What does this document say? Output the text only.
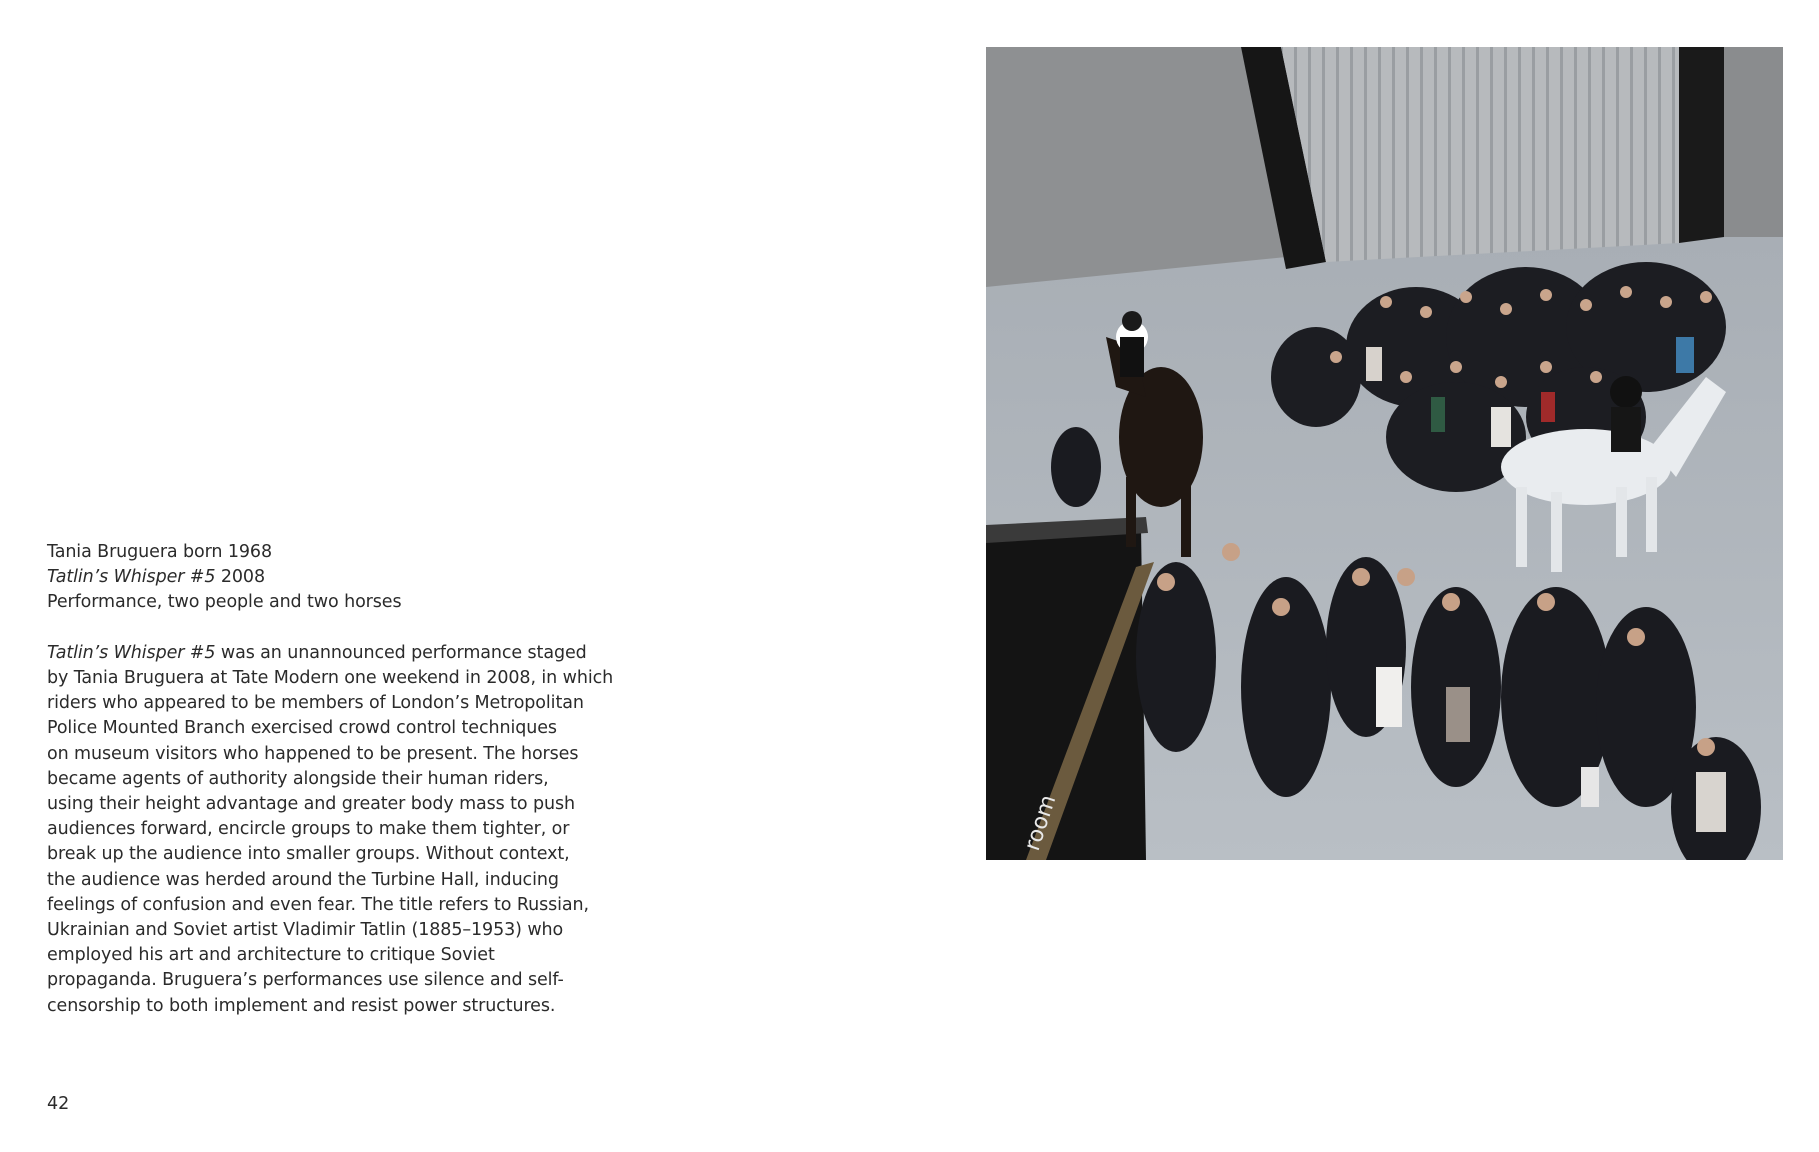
Tania Bruguera born 1968
Tatlin’s Whisper #5 2008
Performance, two people and two horses
Tatlin’s Whisper #5 was an unannounced performance staged
by Tania Bruguera at Tate Modern one weekend in 2008, in which
riders who appeared to be members of London’s Metropolitan
Police Mounted Branch exercised crowd control techniques
on museum visitors who happened to be present. The horses
became agents of authority alongside their human riders,
using their height advantage and greater body mass to push
audiences forward, encircle groups to make them tighter, or
break up the audience into smaller groups. Without context,
the audience was herded around the Turbine Hall, inducing
feelings of confusion and even fear. The title refers to Russian,
Ukrainian and Soviet artist Vladimir Tatlin (1885–1953) who
employed his art and architecture to critique Soviet
propaganda. Bruguera’s performances use silence and self-
censorship to both implement and resist power structures.
42
room
